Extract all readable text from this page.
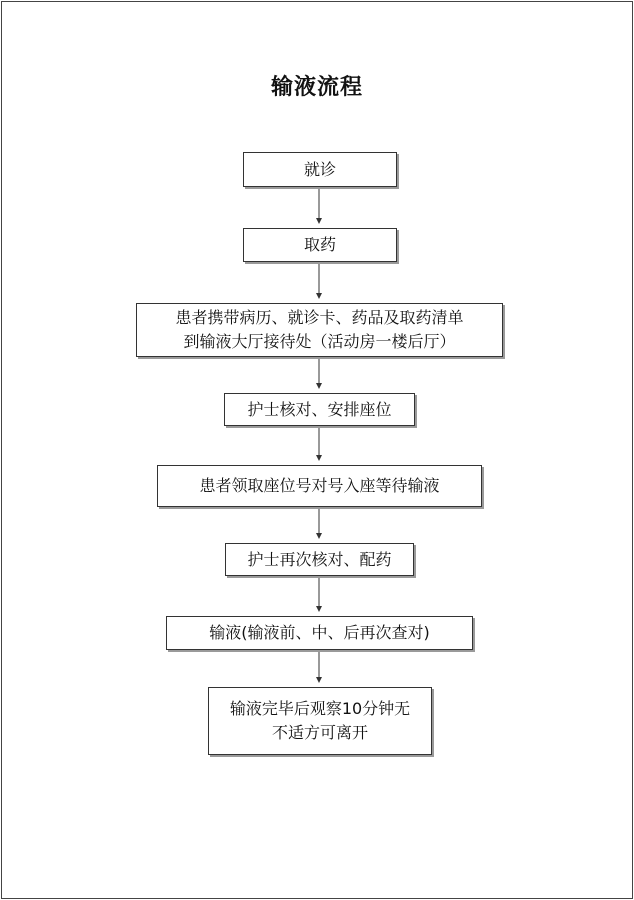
输液流程
就诊
取药
患者携带病历、就诊卡、药品及取药清单
到输液大厅接待处（活动房一楼后厅）
护士核对、安排座位
患者领取座位号对号入座等待输液
护士再次核对、配药
输液(输液前、中、后再次查对)
输液完毕后观察10分钟无
不适方可离开
